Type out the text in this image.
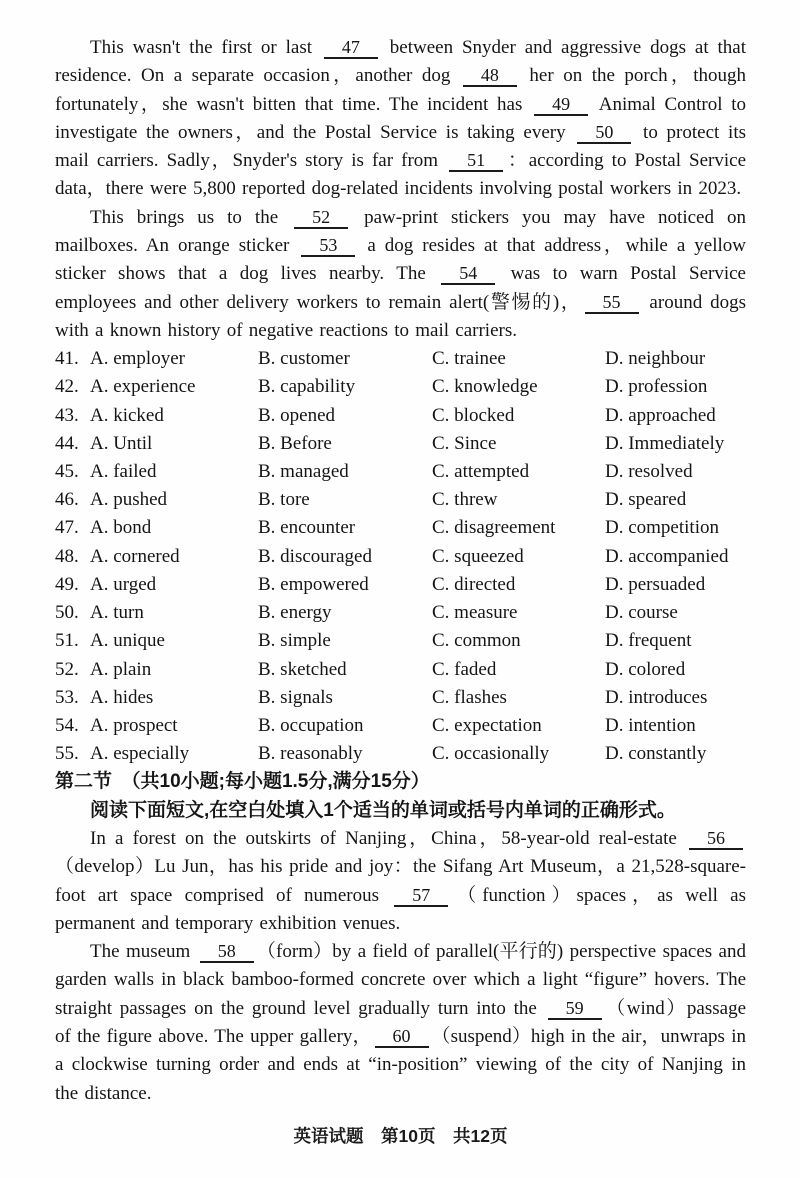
This wasn't the first or last 47 between Snyder and aggressive dogs at that residence. On a separate occasion，another dog 48 her on the porch，though fortunately，she wasn't bitten that time. The incident has 49 Animal Control to investigate the owners，and the Postal Service is taking every 50 to protect its mail carriers. Sadly，Snyder's story is far from 51 ：according to Postal Service data，there were 5,800 reported dog-related incidents involving postal workers in 2023.

This brings us to the 52 paw-print stickers you may have noticed on mailboxes. An orange sticker 53 a dog resides at that address，while a yellow sticker shows that a dog lives nearby. The 54 was to warn Postal Service employees and other delivery workers to remain alert(警惕的)， 55 around dogs with a known history of negative reactions to mail carriers.

41. A. employer	B. customer	C. trainee	D. neighbour
42. A. experience	B. capability	C. knowledge	D. profession
43. A. kicked	B. opened	C. blocked	D. approached
44. A. Until	B. Before	C. Since	D. Immediately
45. A. failed	B. managed	C. attempted	D. resolved
46. A. pushed	B. tore	C. threw	D. speared
47. A. bond	B. encounter	C. disagreement	D. competition
48. A. cornered	B. discouraged	C. squeezed	D. accompanied
49. A. urged	B. empowered	C. directed	D. persuaded
50. A. turn	B. energy	C. measure	D. course
51. A. unique	B. simple	C. common	D. frequent
52. A. plain	B. sketched	C. faded	D. colored
53. A. hides	B. signals	C. flashes	D. introduces
54. A. prospect	B. occupation	C. expectation	D. intention
55. A. especially	B. reasonably	C. occasionally	D. constantly

第二节　（共10小题;每小题1.5分,满分15分）

阅读下面短文,在空白处填入1个适当的单词或括号内单词的正确形式。

In a forest on the outskirts of Nanjing，China，58-year-old real-estate 56（develop）Lu Jun，has his pride and joy：the Sifang Art Museum，a 21,528-square-foot art space comprised of numerous 57 （function）spaces，as well as permanent and temporary exhibition venues.

The museum 58 （form）by a field of parallel(平行的) perspective spaces and garden walls in black bamboo-formed concrete over which a light “figure” hovers. The straight passages on the ground level gradually turn into the 59 （wind）passage of the figure above. The upper gallery， 60 （suspend）high in the air，unwraps in a clockwise turning order and ends at “in-position” viewing of the city of Nanjing in the distance.

英语试题　第10页　共12页
